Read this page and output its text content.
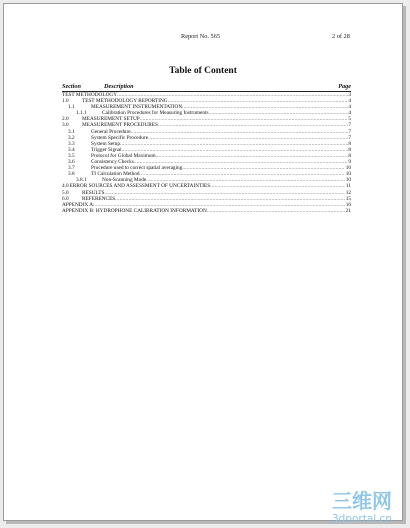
Report No. 565	2 of 28
Table of Content
Section	Description	Page
TEST METHODOLOGY .....	3
1.0	TEST METHODOLOGY REPORTING .....	4
1.1	MEASUREMENT INSTRUMENTATION .....	4
1.1.1	Calibration Procedures for Measuring Instruments .....	4
2.0	MEASUREMENT SETUP .....	5
3.0	MEASUREMENT PROCEDURES .....	7
3.1	General Procedure .....	7
3.2	System Specific Procedure .....	7
3.3	System Setup .....	8
3.4	Trigger Signal .....	8
3.5	Protocol for Global Maximum .....	8
3.6	Consistency Checks .....	9
3.7	Procedure used to correct spatial averaging .....	10
3.8	TI Calculation Method .....	10
3.8.1	Non-Scanning Mode .....	10
4.0 ERROR SOURCES AND ASSESSMENT OF UNCERTAINTIES .....	11
5.0	RESULTS .....	12
6.0	REFERENCES .....	15
APPENDIX A: .....	16
APPENDIX B: HYDROPHONE CALIBRATION INFORMATION .....	21
三维网
3dportal.cn
